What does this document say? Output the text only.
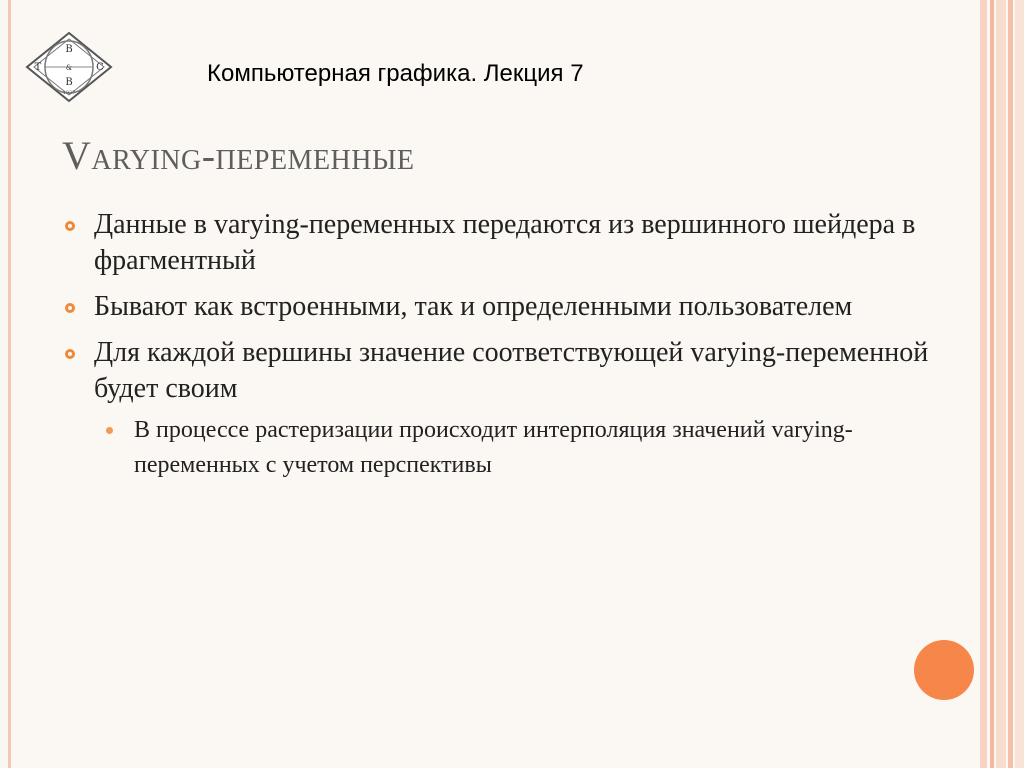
B
T	C
&
B
1927
Компьютерная графика. Лекция 7
Varying-переменные
Данные в varying-переменных передаются из вершинного шейдера в фрагментный
Бывают как встроенными, так и определенными пользователем
Для каждой вершины значение соответствующей varying-переменной будет своим
В процессе растеризации происходит интерполяция значений varying-переменных с учетом перспективы
